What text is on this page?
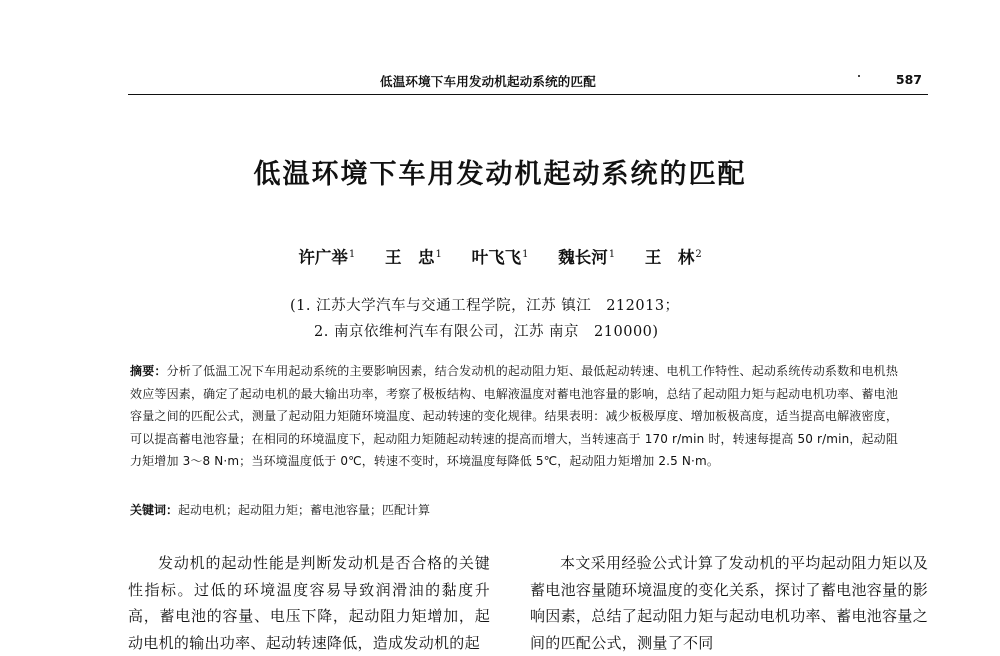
低温环境下车用发动机起动系统的匹配	587
低温环境下车用发动机起动系统的匹配
许广举$^1$ 王　忠$^1$ 叶飞飞$^1$ 魏长河$^1$ 王　林$^2$
(1. 江苏大学汽车与交通工程学院，江苏 镇江　212013；
2. 南京依维柯汽车有限公司，江苏 南京　210000)
摘要：分析了低温工况下车用起动系统的主要影响因素，结合发动机的起动阻力矩、最低起动转速、电机工作特性、起动系统传动系数和电机热效应等因素，确定了起动电机的最大输出功率，考察了极板结构、电解液温度对蓄电池容量的影响，总结了起动阻力矩与起动电机功率、蓄电池容量之间的匹配公式，测量了起动阻力矩随环境温度、起动转速的变化规律。结果表明：减少板极厚度、增加板极高度，适当提高电解液密度，可以提高蓄电池容量；在相同的环境温度下，起动阻力矩随起动转速的提高而增大，当转速高于 170 r/min 时，转速每提高 50 r/min，起动阻力矩增加 3～8 N·m；当环境温度低于 0℃，转速不变时，环境温度每降低 5℃，起动阻力矩增加 2.5 N·m。
关键词：起动电机；起动阻力矩；蓄电池容量；匹配计算

发动机的起动性能是判断发动机是否合格的关键性指标。过低的环境温度容易导致润滑油的黏度升高，蓄电池的容量、电压下降，起动阻力矩增加，起动电机的输出功率、起动转速降低，造成发动机的起

本文采用经验公式计算了发动机的平均起动阻力矩以及蓄电池容量随环境温度的变化关系，探讨了蓄电池容量的影响因素，总结了起动阻力矩与起动电机功率、蓄电池容量之间的匹配公式，测量了不同
